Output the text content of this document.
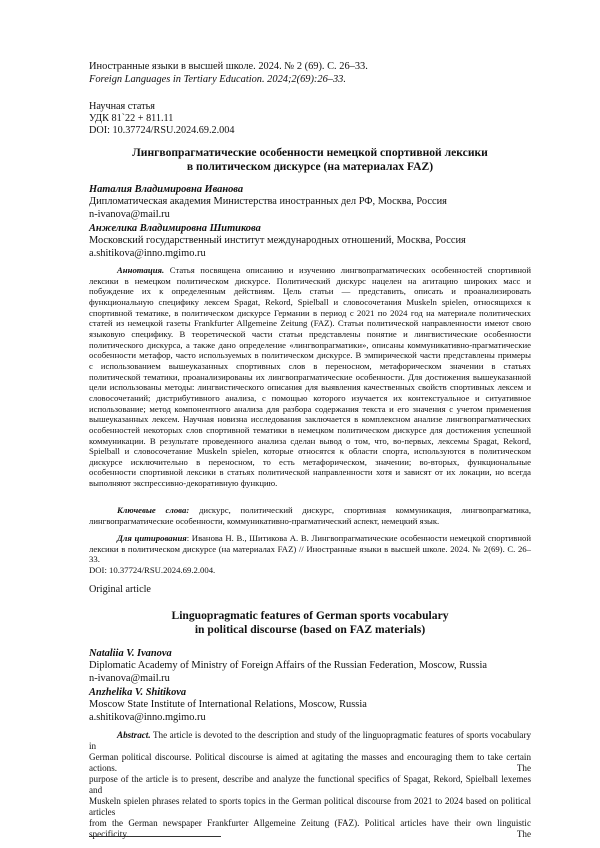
Иностранные языки в высшей школе. 2024. № 2 (69). С. 26–33.
Foreign Languages in Tertiary Education. 2024;2(69):26–33.
Научная статья
УДК 81`22 + 811.11
DOI: 10.37724/RSU.2024.69.2.004
Лингвопрагматические особенности немецкой спортивной лексики
в политическом дискурсе (на материалах FAZ)
Наталия Владимировна Иванова
Дипломатическая академия Министерства иностранных дел РФ, Москва, Россия
n-ivanova@mail.ru
Анжелика Владимировна Шитикова
Московский государственный институт международных отношений, Москва, Россия
a.shitikova@inno.mgimo.ru
Аннотация. Статья посвящена описанию и изучению лингвопрагматических особенностей спортивной
лексики в немецком политическом дискурсе. Политический дискурс нацелен на агитацию широких масс и
побуждение их к определенным действиям. Цель статьи — представить, описать и проанализировать
функциональную специфику лексем Spagat, Rekord, Spielball и словосочетания Muskeln spielen, относящихся к
спортивной тематике, в политическом дискурсе Германии в период с 2021 по 2024 год на материале политических
статей из немецкой газеты Frankfurter Allgemeine Zeitung (FAZ). Статьи политической направленности имеют свою
языковую специфику. В теоретической части статьи представлены понятие и лингвистические особенности
политического дискурса, а также дано определение «лингвопрагматики», описаны коммуникативно-прагматические
особенности метафор, часто используемых в политическом дискурсе. В эмпирической части представлены примеры
с использованием вышеуказанных спортивных слов в переносном, метафорическом значении в статьях
политической тематики, проанализированы их лингвопрагматические особенности. Для достижения вышеуказанной
цели использованы методы: лингвистического описания для выявления качественных свойств спортивных лексем и
словосочетаний; дистрибутивного анализа, с помощью которого изучается их контекстуальное и ситуативное
использование; метод компонентного анализа для разбора содержания текста и его значения с учетом применения
вышеуказанных лексем. Научная новизна исследования заключается в комплексном анализе лингвопрагматических
особенностей некоторых слов спортивной тематики в немецком политическом дискурсе для достижения успешной
коммуникации. В результате проведенного анализа сделан вывод о том, что, во-первых, лексемы Spagat, Rekord,
Spielball и словосочетание Muskeln spielen, которые относятся к области спорта, используются в политическом
дискурсе исключительно в переносном, то есть метафорическом, значении; во-вторых, функциональные
особенности спортивной лексики в статьях политической направленности хотя и зависят от их локации, но всегда
выполняют экспрессивно-декоративную функцию.
Ключевые слова: дискурс, политический дискурс, спортивная коммуникация, лингвопрагматика,
лингвопрагматические особенности, коммуникативно-прагматический аспект, немецкий язык.
Для цитирования: Иванова Н. В., Шитикова А. В. Лингвопрагматические особенности немецкой спортивной
лексики в политическом дискурсе (на материалах FAZ) // Иностранные языки в высшей школе. 2024. № 2(69). С. 26–33.
DOI: 10.37724/RSU.2024.69.2.004.
Original article
Linguopragmatic features of German sports vocabulary
in political discourse (based on FAZ materials)
Nataliia V. Ivanova
Diplomatic Academy of Ministry of Foreign Affairs of the Russian Federation, Moscow, Russia
n-ivanova@mail.ru
Anzhelika V. Shitikova
Moscow State Institute of International Relations, Moscow, Russia
a.shitikova@inno.mgimo.ru
Abstract. The article is devoted to the description and study of the linguopragmatic features of sports vocabulary in
German political discourse. Political discourse is aimed at agitating the masses and encouraging them to take certain actions. The
purpose of the article is to present, describe and analyze the functional specifics of Spagat, Rekord, Spielball lexemes and
Muskeln spielen phrases related to sports topics in the German political discourse from 2021 to 2024 based on political articles
from the German newspaper Frankfurter Allgemeine Zeitung (FAZ). Political articles have their own linguistic specificity. The
